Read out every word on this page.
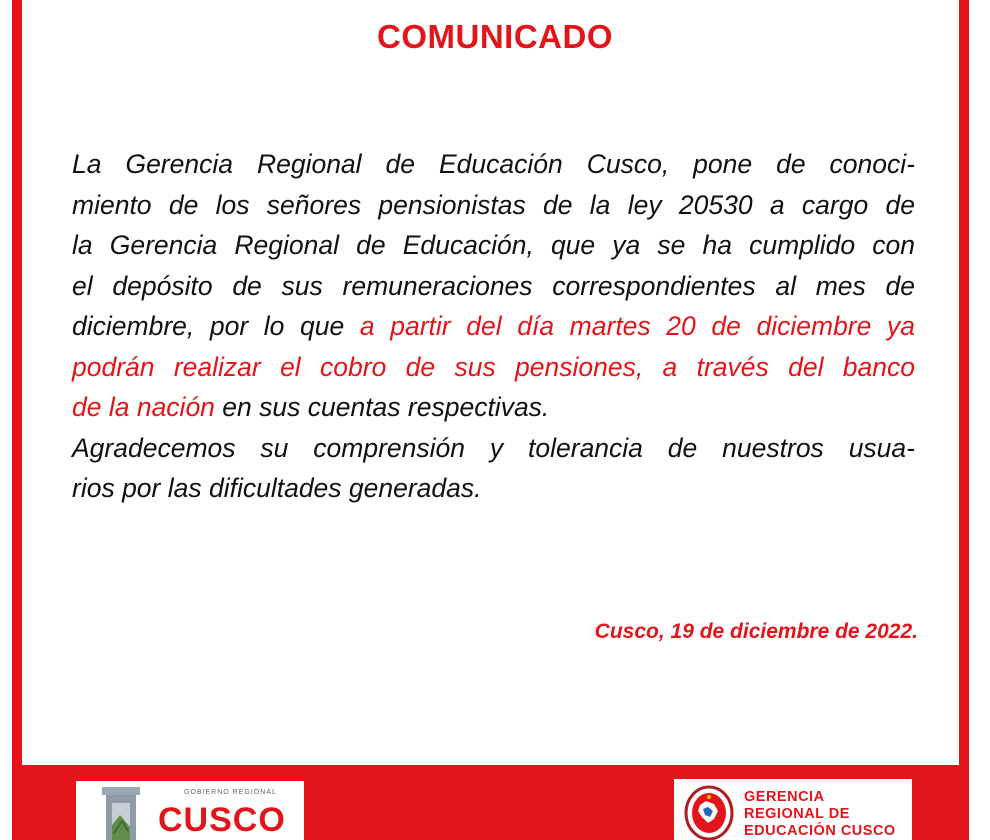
COMUNICADO
La Gerencia Regional de Educación Cusco, pone de conoci-
miento de los señores pensionistas de la ley 20530 a cargo de
la Gerencia Regional de Educación, que ya se ha cumplido con
el depósito de sus remuneraciones correspondientes al mes de
diciembre, por lo que a partir del día martes 20 de diciembre ya
podrán realizar el cobro de sus pensiones, a través del banco
de la nación en sus cuentas respectivas.
Agradecemos su comprensión y tolerancia de nuestros usua-
rios por las dificultades generadas.
Cusco, 19 de diciembre de 2022.
GOBIERNO REGIONAL
CUSCO
GERENCIA
REGIONAL DE
EDUCACIÓN CUSCO
